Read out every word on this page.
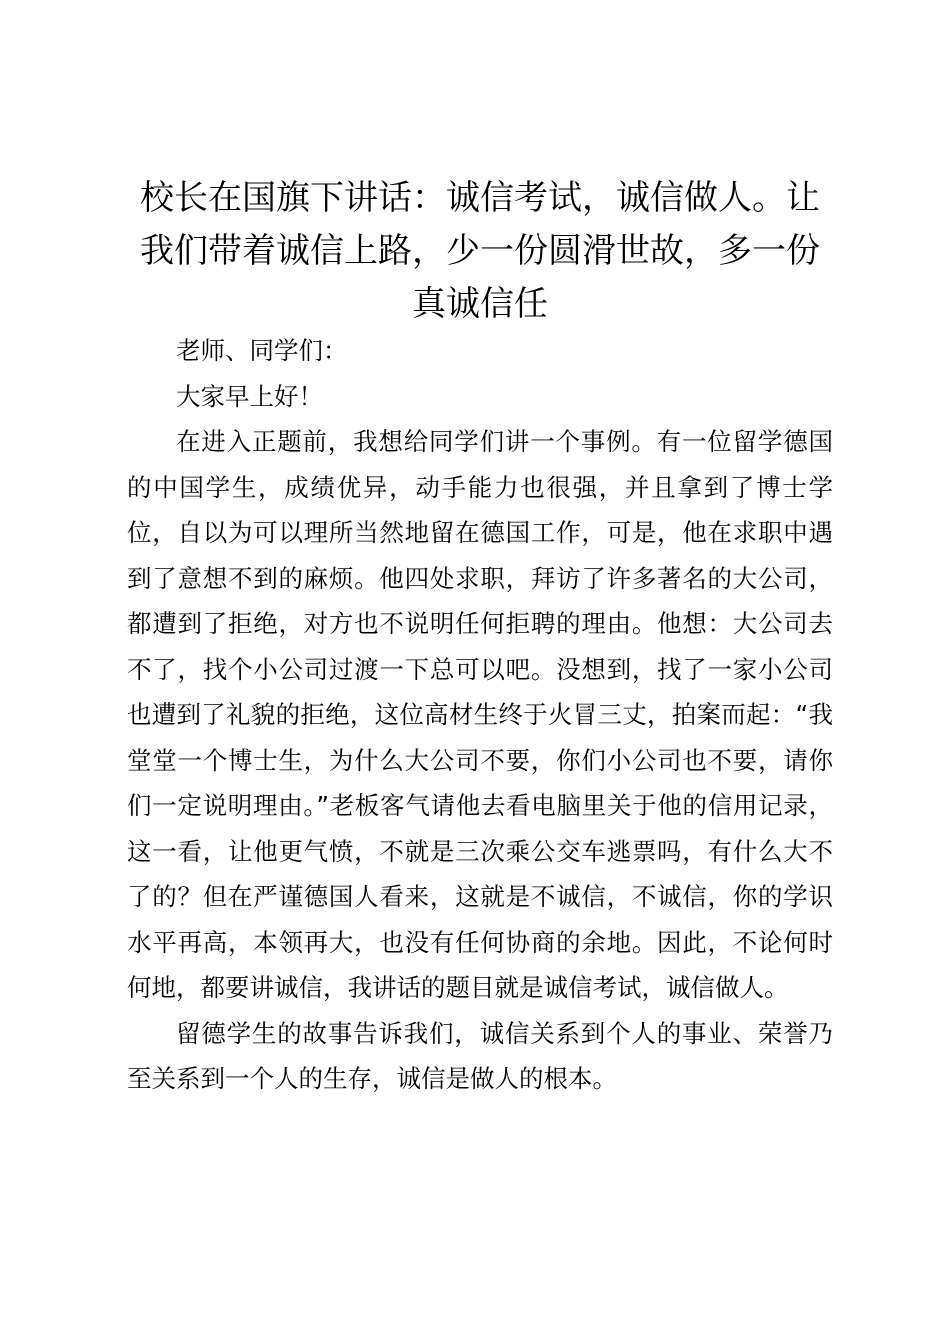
校长在国旗下讲话：诚信考试，诚信做人。让我们带着诚信上路，少一份圆滑世故，多一份真诚信任

老师、同学们：

大家早上好！

在进入正题前，我想给同学们讲一个事例。有一位留学德国的中国学生，成绩优异，动手能力也很强，并且拿到了博士学位，自以为可以理所当然地留在德国工作，可是，他在求职中遇到了意想不到的麻烦。他四处求职，拜访了许多著名的大公司，都遭到了拒绝，对方也不说明任何拒聘的理由。他想：大公司去不了，找个小公司过渡一下总可以吧。没想到，找了一家小公司也遭到了礼貌的拒绝，这位高材生终于火冒三丈，拍案而起：“我堂堂一个博士生，为什么大公司不要，你们小公司也不要，请你们一定说明理由。”老板客气请他去看电脑里关于他的信用记录，这一看，让他更气愤，不就是三次乘公交车逃票吗，有什么大不了的？但在严谨德国人看来，这就是不诚信，不诚信，你的学识水平再高，本领再大，也没有任何协商的余地。因此，不论何时何地，都要讲诚信，我讲话的题目就是诚信考试，诚信做人。

留德学生的故事告诉我们，诚信关系到个人的事业、荣誉乃至关系到一个人的生存，诚信是做人的根本。
